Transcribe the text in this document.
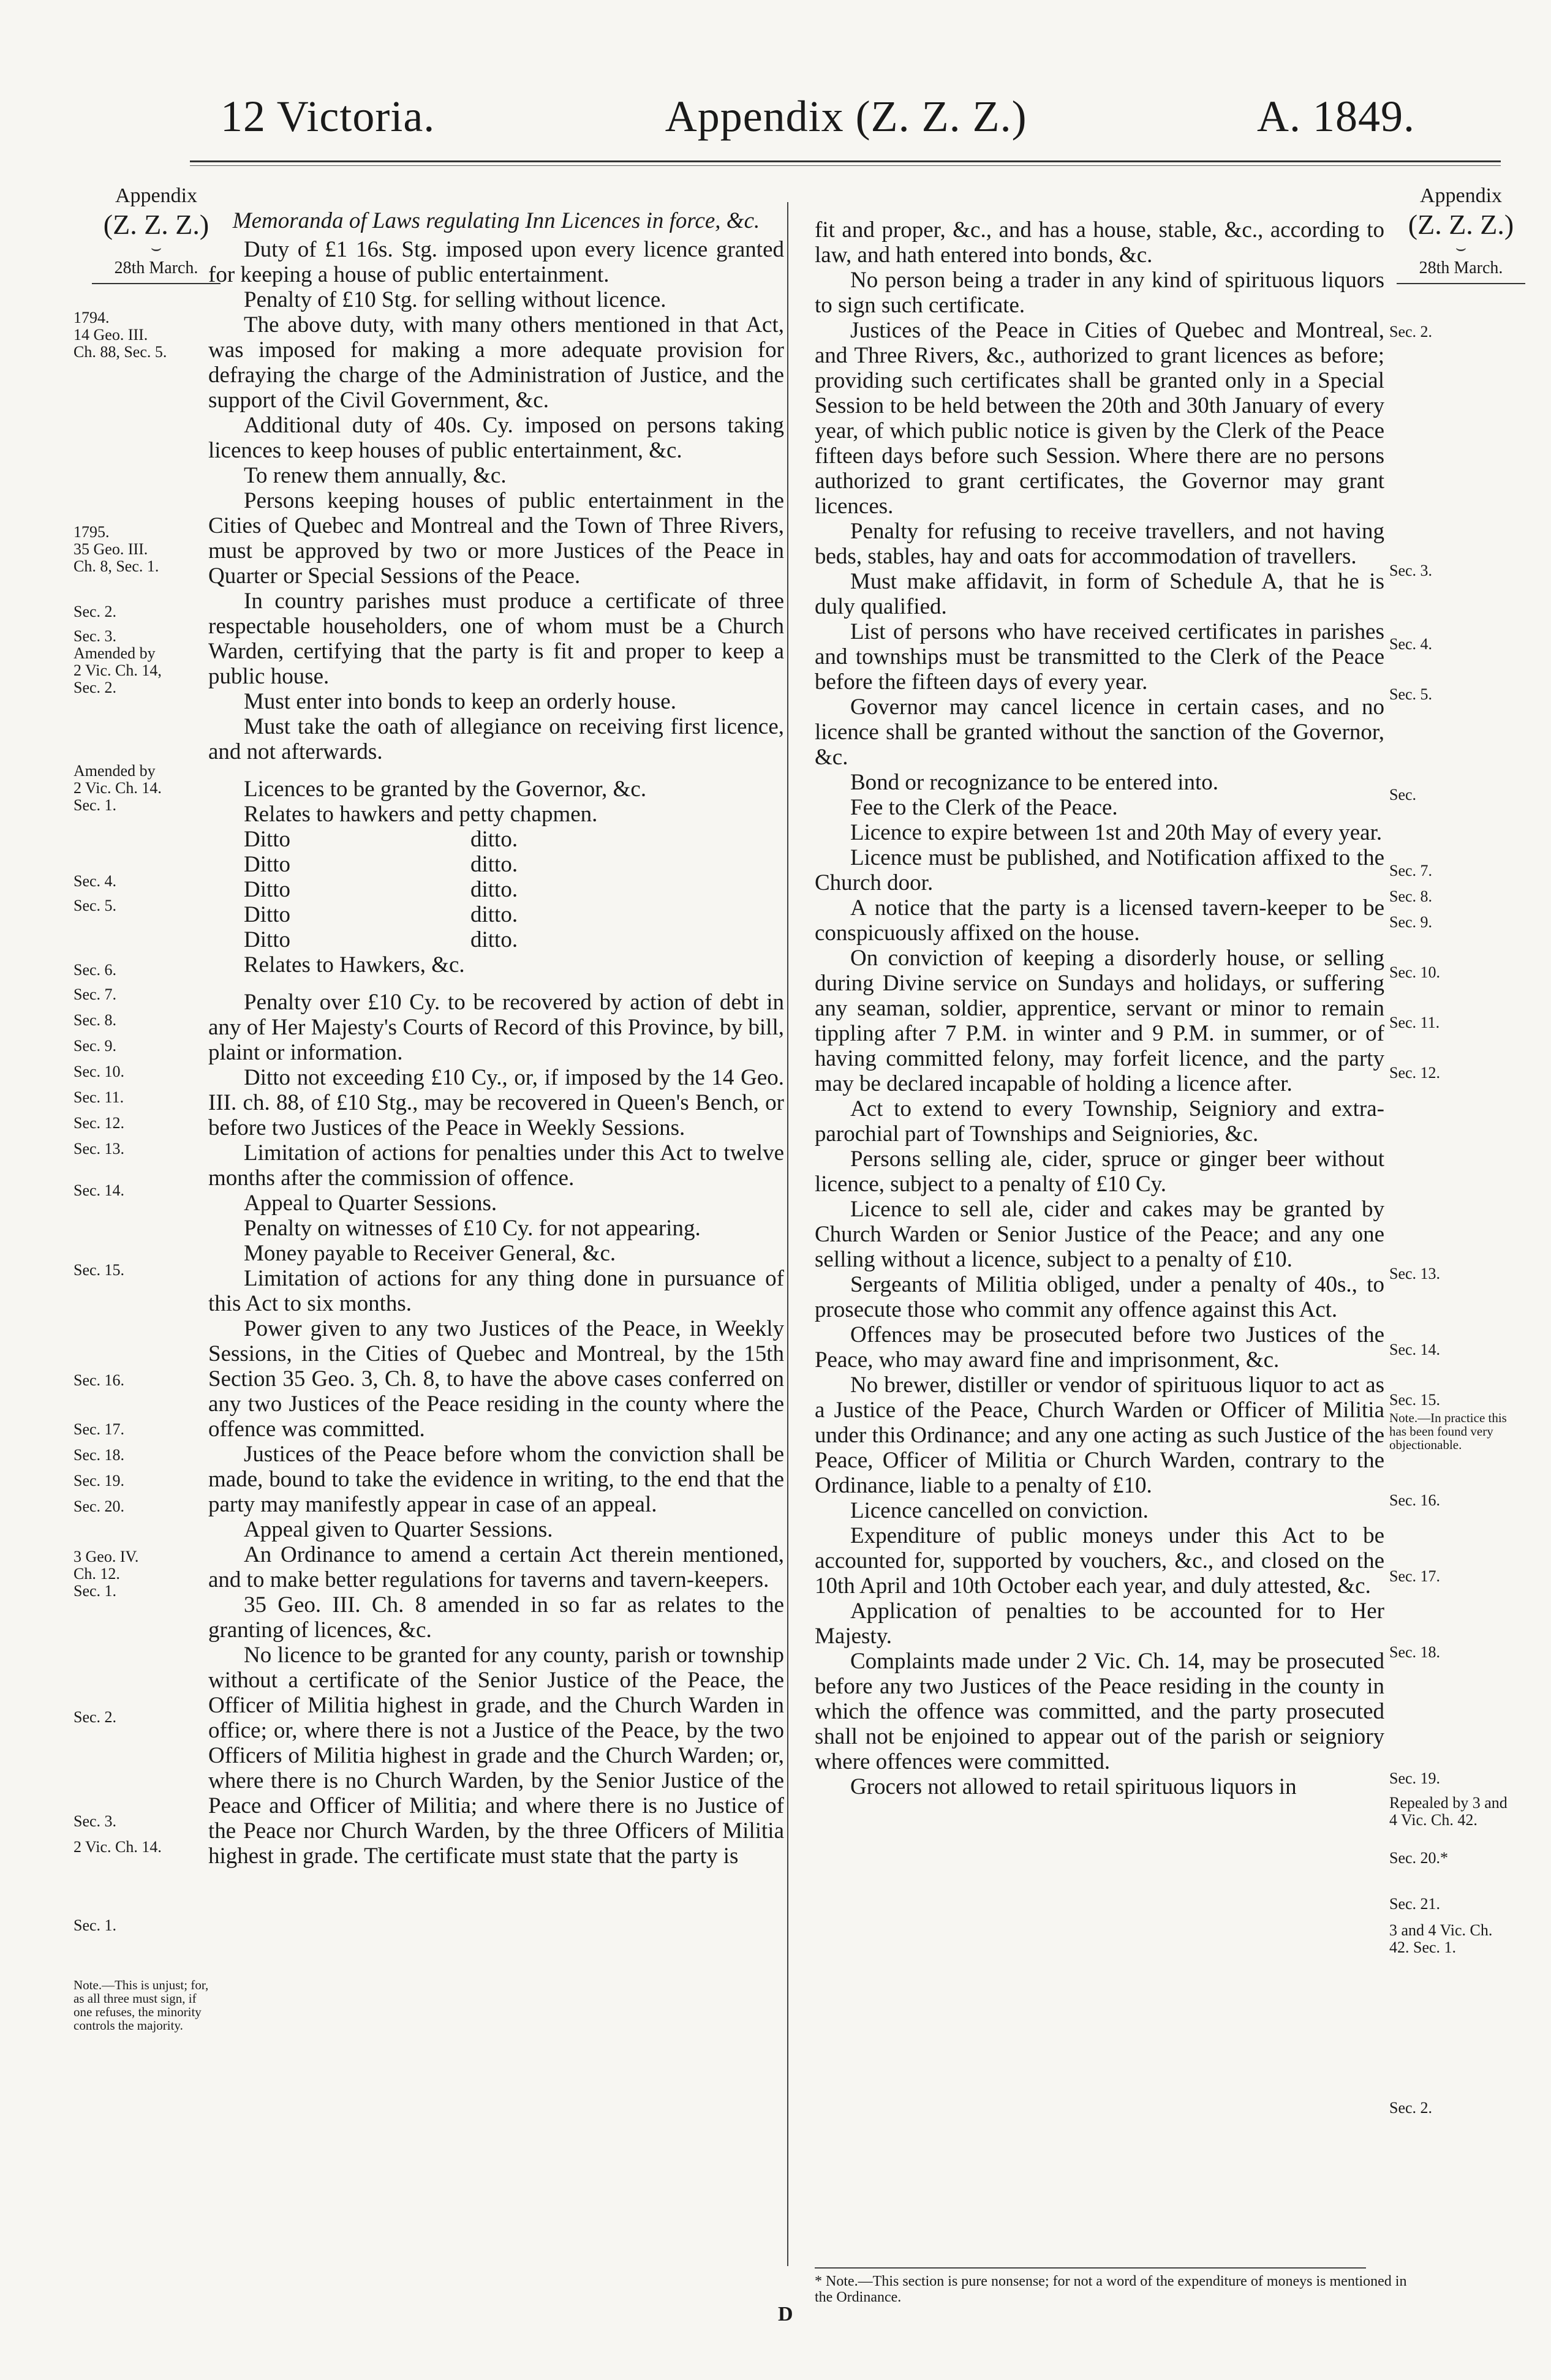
12 Victoria.	Appendix (Z. Z. Z.)	A. 1849.
Appendix
(Z. Z. Z.)
⌣
28th March.
Appendix
(Z. Z. Z.)
⌣
28th March.
1794.
14 Geo. III.
Ch. 88, Sec. 5.
1795.
35 Geo. III.
Ch. 8, Sec. 1.
Sec. 2.
Sec. 3.
Amended by
2 Vic. Ch. 14,
Sec. 2.
Amended by
2 Vic. Ch. 14.
Sec. 1.
Sec. 4.
Sec. 5.
Sec. 6.
Sec. 7.
Sec. 8.
Sec. 9.
Sec. 10.
Sec. 11.
Sec. 12.
Sec. 13.
Sec. 14.
Sec. 15.
Sec. 16.
Sec. 17.
Sec. 18.
Sec. 19.
Sec. 20.
3 Geo. IV.
Ch. 12.
Sec. 1.
Sec. 2.
Sec. 3.
2 Vic. Ch. 14.
Sec. 1.
Note.—This is unjust; for, as all three must sign, if one refuses, the minority controls the majority.

Memoranda of Laws regulating Inn Licences in force, &c.

Duty of £1 16s. Stg. imposed upon every licence granted for keeping a house of public entertainment.

Penalty of £10 Stg. for selling without licence.

The above duty, with many others mentioned in that Act, was imposed for making a more adequate provision for defraying the charge of the Administration of Justice, and the support of the Civil Government, &c.

Additional duty of 40s. Cy. imposed on persons taking licences to keep houses of public entertainment, &c.

To renew them annually, &c.

Persons keeping houses of public entertainment in the Cities of Quebec and Montreal and the Town of Three Rivers, must be approved by two or more Justices of the Peace in Quarter or Special Sessions of the Peace.

In country parishes must produce a certificate of three respectable householders, one of whom must be a Church Warden, certifying that the party is fit and proper to keep a public house.

Must enter into bonds to keep an orderly house.

Must take the oath of allegiance on receiving first licence, and not afterwards.

Licences to be granted by the Governor, &c.

Relates to hawkers and petty chapmen.

Ditto	ditto.

Ditto	ditto.

Ditto	ditto.

Ditto	ditto.

Ditto	ditto.

Relates to Hawkers, &c.

Penalty over £10 Cy. to be recovered by action of debt in any of Her Majesty's Courts of Record of this Province, by bill, plaint or information.

Ditto not exceeding £10 Cy., or, if imposed by the 14 Geo. III. ch. 88, of £10 Stg., may be recovered in Queen's Bench, or before two Justices of the Peace in Weekly Sessions.

Limitation of actions for penalties under this Act to twelve months after the commission of offence.

Appeal to Quarter Sessions.

Penalty on witnesses of £10 Cy. for not appearing.

Money payable to Receiver General, &c.

Limitation of actions for any thing done in pursuance of this Act to six months.

Power given to any two Justices of the Peace, in Weekly Sessions, in the Cities of Quebec and Montreal, by the 15th Section 35 Geo. 3, Ch. 8, to have the above cases conferred on any two Justices of the Peace residing in the county where the offence was committed.

Justices of the Peace before whom the conviction shall be made, bound to take the evidence in writing, to the end that the party may manifestly appear in case of an appeal.

Appeal given to Quarter Sessions.

An Ordinance to amend a certain Act therein mentioned, and to make better regulations for taverns and tavern-keepers.

35 Geo. III. Ch. 8 amended in so far as relates to the granting of licences, &c.

No licence to be granted for any county, parish or township without a certificate of the Senior Justice of the Peace, the Officer of Militia highest in grade, and the Church Warden in office; or, where there is not a Justice of the Peace, by the two Officers of Militia highest in grade and the Church Warden; or, where there is no Church Warden, by the Senior Justice of the Peace and Officer of Militia; and where there is no Justice of the Peace nor Church Warden, by the three Officers of Militia highest in grade. The certificate must state that the party is

fit and proper, &c., and has a house, stable, &c., according to law, and hath entered into bonds, &c.

No person being a trader in any kind of spirituous liquors to sign such certificate.

Justices of the Peace in Cities of Quebec and Montreal, and Three Rivers, &c., authorized to grant licences as before; providing such certificates shall be granted only in a Special Session to be held between the 20th and 30th January of every year, of which public notice is given by the Clerk of the Peace fifteen days before such Session. Where there are no persons authorized to grant certificates, the Governor may grant licences.

Penalty for refusing to receive travellers, and not having beds, stables, hay and oats for accommodation of travellers.

Must make affidavit, in form of Schedule A, that he is duly qualified.

List of persons who have received certificates in parishes and townships must be transmitted to the Clerk of the Peace before the fifteen days of every year.

Governor may cancel licence in certain cases, and no licence shall be granted without the sanction of the Governor, &c.

Bond or recognizance to be entered into.

Fee to the Clerk of the Peace.

Licence to expire between 1st and 20th May of every year.

Licence must be published, and Notification affixed to the Church door.

A notice that the party is a licensed tavern-keeper to be conspicuously affixed on the house.

On conviction of keeping a disorderly house, or selling during Divine service on Sundays and holidays, or suffering any seaman, soldier, apprentice, servant or minor to remain tippling after 7 P.M. in winter and 9 P.M. in summer, or of having committed felony, may forfeit licence, and the party may be declared incapable of holding a licence after.

Act to extend to every Township, Seigniory and extra-parochial part of Townships and Seigniories, &c.

Persons selling ale, cider, spruce or ginger beer without licence, subject to a penalty of £10 Cy.

Licence to sell ale, cider and cakes may be granted by Church Warden or Senior Justice of the Peace; and any one selling without a licence, subject to a penalty of £10.

Sergeants of Militia obliged, under a penalty of 40s., to prosecute those who commit any offence against this Act.

Offences may be prosecuted before two Justices of the Peace, who may award fine and imprisonment, &c.

No brewer, distiller or vendor of spirituous liquor to act as a Justice of the Peace, Church Warden or Officer of Militia under this Ordinance; and any one acting as such Justice of the Peace, Officer of Militia or Church Warden, contrary to the Ordinance, liable to a penalty of £10.

Licence cancelled on conviction.

Expenditure of public moneys under this Act to be accounted for, supported by vouchers, &c., and closed on the 10th April and 10th October each year, and duly attested, &c.

Application of penalties to be accounted for to Her Majesty.

Complaints made under 2 Vic. Ch. 14, may be prosecuted before any two Justices of the Peace residing in the county in which the offence was committed, and the party prosecuted shall not be enjoined to appear out of the parish or seigniory where offences were committed.

Grocers not allowed to retail spirituous liquors in

Sec. 2.
Sec. 3.
Sec. 4.
Sec. 5.
Sec.
Sec. 7.
Sec. 8.
Sec. 9.
Sec. 10.
Sec. 11.
Sec. 12.
Sec. 13.
Sec. 14.
Sec. 15.
Note.—In practice this has been found very objectionable.
Sec. 16.
Sec. 17.
Sec. 18.
Sec. 19.
Repealed by 3 and 4 Vic. Ch. 42.
Sec. 20.*
Sec. 21.
3 and 4 Vic. Ch. 42. Sec. 1.
Sec. 2.
* Note.—This section is pure nonsense; for not a word of the expenditure of moneys is mentioned in the Ordinance.
D
